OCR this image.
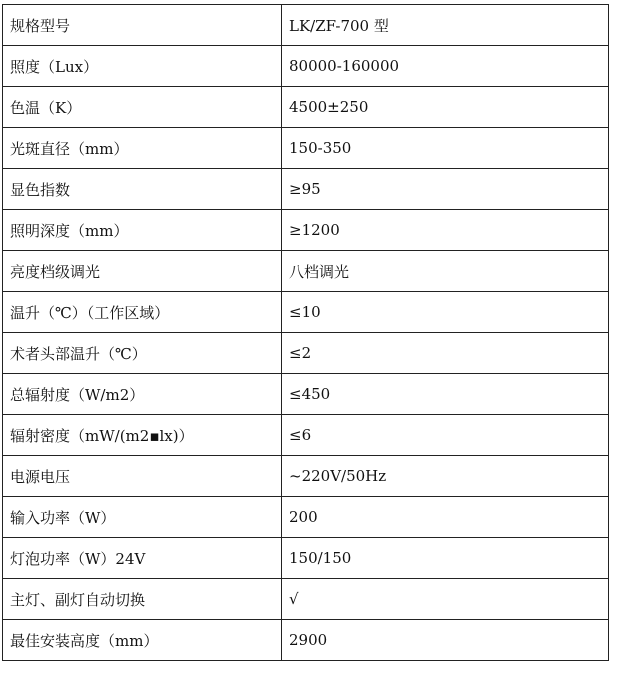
规格型号	LK/ZF-700 型
照度（Lux）	80000-160000
色温（K）	4500±250
光斑直径（mm）	150-350
显色指数	≥95
照明深度（mm）	≥1200
亮度档级调光	八档调光
温升（℃）（工作区域）	≤10
术者头部温升（℃）	≤2
总辐射度（W/m2）	≤450
辐射密度（mW/(m2▪lx)）	≤6
电源电压	~220V/50Hz
输入功率（W）	200
灯泡功率（W）24V	150/150
主灯、副灯自动切换	√
最佳安装高度（mm）	2900
